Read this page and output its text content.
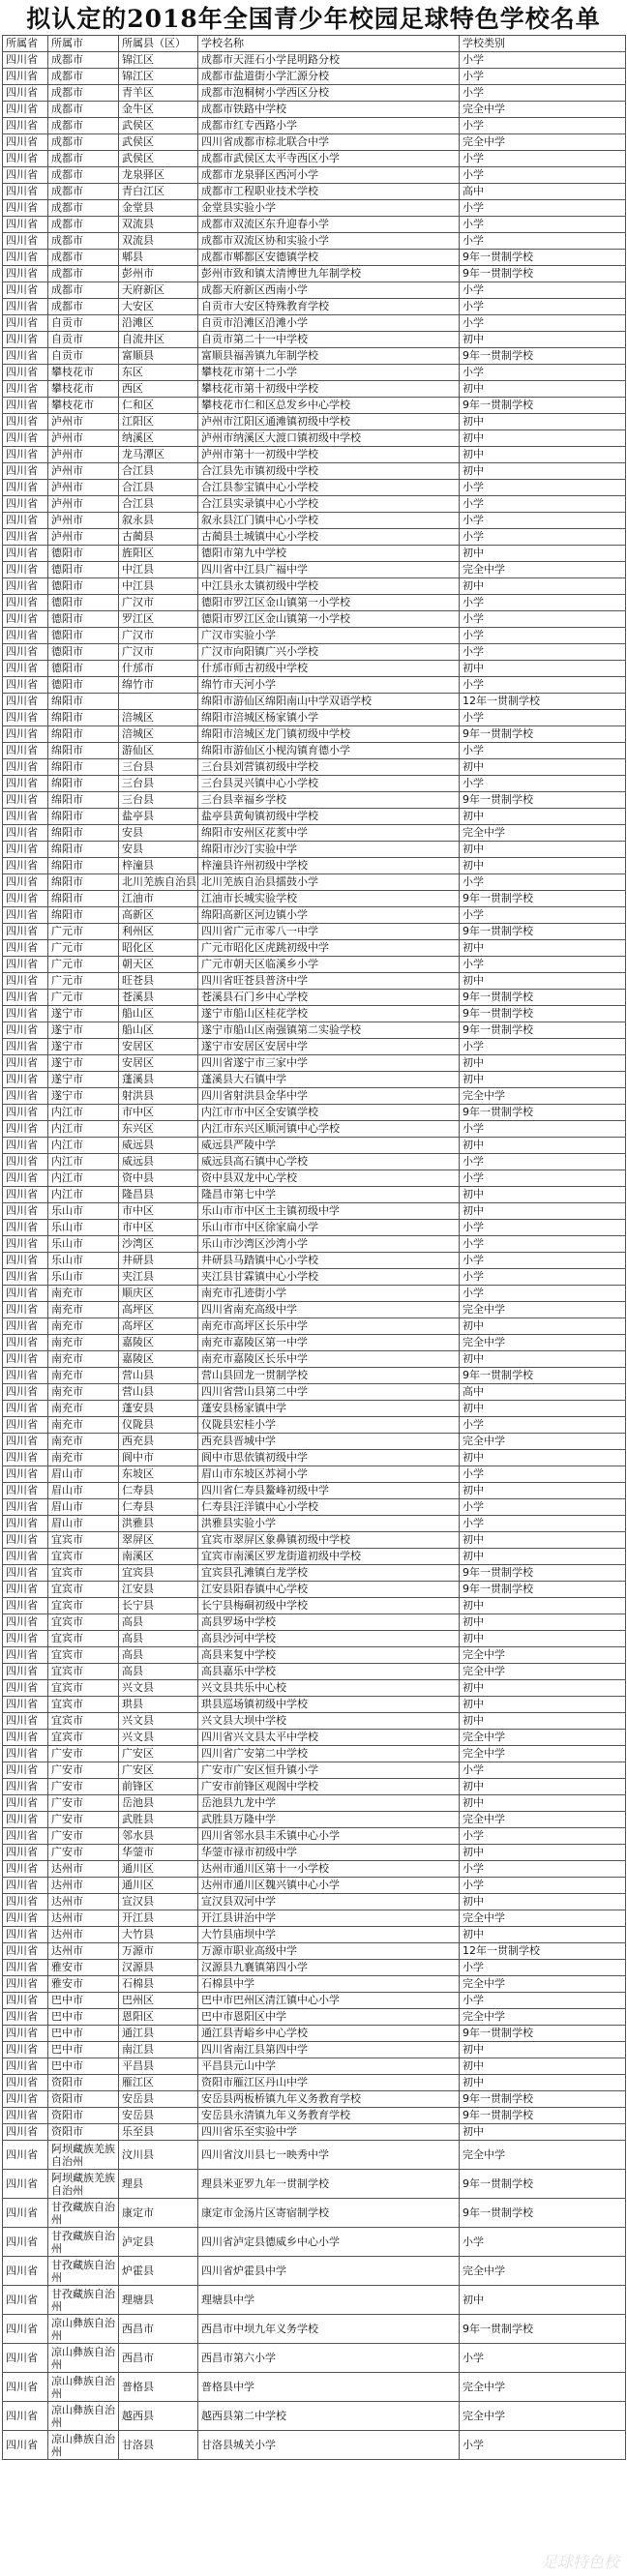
拟认定的2018年全国青少年校园足球特色学校名单
所属省	所属市	所属县（区）	学校名称	学校类别
四川省	成都市	锦江区	成都市天涯石小学昆明路分校	小学
四川省	成都市	锦江区	成都市盐道街小学汇源分校	小学
四川省	成都市	青羊区	成都市泡桐树小学西区分校	小学
四川省	成都市	金牛区	成都市铁路中学校	完全中学
四川省	成都市	武侯区	成都市红专西路小学	小学
四川省	成都市	武侯区	四川省成都市棕北联合中学	完全中学
四川省	成都市	武侯区	成都市武侯区太平寺西区小学	小学
四川省	成都市	龙泉驿区	成都市龙泉驿区西河小学	小学
四川省	成都市	青白江区	成都市工程职业技术学校	高中
四川省	成都市	金堂县	金堂县实验小学	小学
四川省	成都市	双流县	成都市双流区东升迎春小学	小学
四川省	成都市	双流县	成都市双流区协和实验小学	小学
四川省	成都市	郫县	成都市郫都区安德镇学校	9年一贯制学校
四川省	成都市	彭州市	彭州市致和镇太清博世九年制学校	9年一贯制学校
四川省	成都市	天府新区	成都天府新区西南小学	小学
四川省	成都市	大安区	自贡市大安区特殊教育学校	小学
四川省	自贡市	沿滩区	自贡市沿滩区沿滩小学	小学
四川省	自贡市	自流井区	自贡市第二十一中学校	初中
四川省	自贡市	富顺县	富顺县福善镇九年制学校	9年一贯制学校
四川省	攀枝花市	东区	攀枝花市第十二小学	小学
四川省	攀枝花市	西区	攀枝花市第十初级中学校	初中
四川省	攀枝花市	仁和区	攀枝花市仁和区总发乡中心学校	9年一贯制学校
四川省	泸州市	江阳区	泸州市江阳区通滩镇初级中学校	初中
四川省	泸州市	纳溪区	泸州市纳溪区大渡口镇初级中学校	初中
四川省	泸州市	龙马潭区	泸州市第十一初级中学校	初中
四川省	泸州市	合江县	合江县先市镇初级中学校	初中
四川省	泸州市	合江县	合江县参宝镇中心小学校	小学
四川省	泸州市	合江县	合江县实录镇中心小学校	小学
四川省	泸州市	叙永县	叙永县江门镇中心小学校	小学
四川省	泸州市	古蔺县	古蔺县土城镇中心小学校	小学
四川省	德阳市	旌阳区	德阳市第九中学校	初中
四川省	德阳市	中江县	四川省中江县广福中学	完全中学
四川省	德阳市	中江县	中江县永太镇初级中学校	初中
四川省	德阳市	广汉市	德阳市罗江区金山镇第一小学校	小学
四川省	德阳市	罗江区	德阳市罗江区金山镇第一小学校	小学
四川省	德阳市	广汉市	广汉市实验小学	小学
四川省	德阳市	广汉市	广汉市向阳镇广兴小学校	小学
四川省	德阳市	什邡市	什邡市师古初级中学校	初中
四川省	德阳市	绵竹市	绵竹市天河小学	小学
四川省	绵阳市		绵阳市游仙区绵阳南山中学双语学校	12年一贯制学校
四川省	绵阳市	涪城区	绵阳市涪城区杨家镇小学	小学
四川省	绵阳市	涪城区	绵阳市涪城区龙门镇初级中学校	9年一贯制学校
四川省	绵阳市	游仙区	绵阳市游仙区小枧沟镇育德小学	小学
四川省	绵阳市	三台县	三台县刘营镇初级中学校	初中
四川省	绵阳市	三台县	三台县灵兴镇中心小学校	小学
四川省	绵阳市	三台县	三台县幸福乡学校	9年一贯制学校
四川省	绵阳市	盐亭县	盐亭县黄甸镇初级中学校	初中
四川省	绵阳市	安县	绵阳市安州区花荄中学	完全中学
四川省	绵阳市	安县	绵阳市沙汀实验中学	初中
四川省	绵阳市	梓潼县	梓潼县许州初级中学校	初中
四川省	绵阳市	北川羌族自治县	北川羌族自治县擂鼓小学	小学
四川省	绵阳市	江油市	江油市长城实验学校	9年一贯制学校
四川省	绵阳市	高新区	绵阳高新区河边镇小学	小学
四川省	广元市	利州区	四川省广元市零八一中学	9年一贯制学校
四川省	广元市	昭化区	广元市昭化区虎跳初级中学	初中
四川省	广元市	朝天区	广元市朝天区临溪乡小学	小学
四川省	广元市	旺苍县	四川省旺苍县普济中学	初中
四川省	广元市	苍溪县	苍溪县石门乡中心学校	9年一贯制学校
四川省	遂宁市	船山区	遂宁市船山区桂花学校	9年一贯制学校
四川省	遂宁市	船山区	遂宁市船山区南强镇第二实验学校	9年一贯制学校
四川省	遂宁市	安居区	遂宁市安居区安居中学	小学
四川省	遂宁市	安居区	四川省遂宁市三家中学	初中
四川省	遂宁市	蓬溪县	蓬溪县大石镇中学	初中
四川省	遂宁市	射洪县	四川省射洪县金华中学	完全中学
四川省	内江市	市中区	内江市市中区全安镇学校	9年一贯制学校
四川省	内江市	东兴区	内江市东兴区顺河镇中心学校	小学
四川省	内江市	威远县	威远县严陵中学	初中
四川省	内江市	威远县	威远县高石镇中心学校	小学
四川省	内江市	资中县	资中县双龙中心学校	小学
四川省	内江市	隆昌县	隆昌市第七中学	初中
四川省	乐山市	市中区	乐山市市中区土主镇初级中学	初中
四川省	乐山市	市中区	乐山市市中区徐家扁小学	小学
四川省	乐山市	沙湾区	乐山市沙湾区沙湾小学	小学
四川省	乐山市	井研县	井研县马踏镇中心小学校	小学
四川省	乐山市	夹江县	夹江县甘霖镇中心小学校	小学
四川省	南充市	顺庆区	南充市孔迹街小学	小学
四川省	南充市	高坪区	四川省南充高级中学	完全中学
四川省	南充市	高坪区	南充市高坪区长乐中学	初中
四川省	南充市	嘉陵区	南充市嘉陵区第一中学	完全中学
四川省	南充市	嘉陵区	南充市嘉陵区长乐中学	初中
四川省	南充市	营山县	营山县回龙一贯制学校	9年一贯制学校
四川省	南充市	营山县	四川省营山县第二中学	高中
四川省	南充市	蓬安县	蓬安县杨家镇中学	初中
四川省	南充市	仪陇县	仪陇县宏桂小学	小学
四川省	南充市	西充县	西充县晋城中学	完全中学
四川省	南充市	阆中市	阆中市思依镇初级中学	初中
四川省	眉山市	东坡区	眉山市东坡区苏祠小学	小学
四川省	眉山市	仁寿县	四川省仁寿县鳌峰初级中学	初中
四川省	眉山市	仁寿县	仁寿县汪洋镇中心小学校	小学
四川省	眉山市	洪雅县	洪雅县实验小学	小学
四川省	宜宾市	翠屏区	宜宾市翠屏区象鼻镇初级中学校	初中
四川省	宜宾市	南溪区	宜宾市南溪区罗龙街道初级中学校	初中
四川省	宜宾市	宜宾县	宜宾县孔滩镇白龙学校	9年一贯制学校
四川省	宜宾市	江安县	江安县阳春镇中心学校	9年一贯制学校
四川省	宜宾市	长宁县	长宁县梅硐初级中学校	初中
四川省	宜宾市	高县	高县罗场中学校	初中
四川省	宜宾市	高县	高县沙河中学校	初中
四川省	宜宾市	高县	高县来复中学校	完全中学
四川省	宜宾市	高县	高县嘉乐中学校	完全中学
四川省	宜宾市	兴文县	兴文县共乐中心校	初中
四川省	宜宾市	珙县	珙县巡场镇初级中学校	初中
四川省	宜宾市	兴文县	兴文县大坝中学校	初中
四川省	宜宾市	兴文县	四川省兴文县太平中学校	完全中学
四川省	广安市	广安区	四川省广安第二中学校	完全中学
四川省	广安市	广安区	广安市广安区恒升镇小学	小学
四川省	广安市	前锋区	广安市前锋区观阁中学校	初中
四川省	广安市	岳池县	岳池县九龙中学	初中
四川省	广安市	武胜县	武胜县万隆中学	完全中学
四川省	广安市	邻水县	四川省邻水县丰禾镇中心小学	小学
四川省	广安市	华蓥市	华蓥市禄市初级中学	初中
四川省	达州市	通川区	达州市通川区第十一小学校	小学
四川省	达州市	通川区	达州市通川区魏兴镇中心小学	小学
四川省	达州市	宣汉县	宣汉县双河中学	初中
四川省	达州市	开江县	开江县讲治中学	完全中学
四川省	达州市	大竹县	大竹县庙坝中学	初中
四川省	达州市	万源市	万源市职业高级中学	12年一贯制学校
四川省	雅安市	汉源县	汉源县九襄镇第四小学	小学
四川省	雅安市	石棉县	石棉县中学	完全中学
四川省	巴中市	巴州区	巴中市巴州区清江镇中心小学	小学
四川省	巴中市	恩阳区	巴中市恩阳区中学	完全中学
四川省	巴中市	通江县	通江县青峪乡中心学校	9年一贯制学校
四川省	巴中市	南江县	四川省南江县第四中学	初中
四川省	巴中市	平昌县	平昌县元山中学	初中
四川省	资阳市	雁江区	资阳市雁江区丹山中学	初中
四川省	资阳市	安岳县	安岳县两板桥镇九年义务教育学校	9年一贯制学校
四川省	资阳市	安岳县	安岳县永清镇九年义务教育学校	9年一贯制学校
四川省	资阳市	乐至县	四川省乐至实验中学	初中
四川省	阿坝藏族羌族自治州	汶川县	四川省汶川县七一映秀中学	完全中学
四川省	阿坝藏族羌族自治州	理县	理县米亚罗九年一贯制学校	9年一贯制学校
四川省	甘孜藏族自治州	康定市	康定市金汤片区寄宿制学校	9年一贯制学校
四川省	甘孜藏族自治州	泸定县	四川省泸定县德威乡中心小学	小学
四川省	甘孜藏族自治州	炉霍县	四川省炉霍县中学	完全中学
四川省	甘孜藏族自治州	理塘县	理塘县中学	初中
四川省	凉山彝族自治州	西昌市	西昌市中坝九年义务学校	9年一贯制学校
四川省	凉山彝族自治州	西昌市	西昌市第六小学	小学
四川省	凉山彝族自治州	普格县	普格县中学	完全中学
四川省	凉山彝族自治州	越西县	越西县第二中学校	完全中学
四川省	凉山彝族自治州	甘洛县	甘洛县城关小学	小学
足球特色校
